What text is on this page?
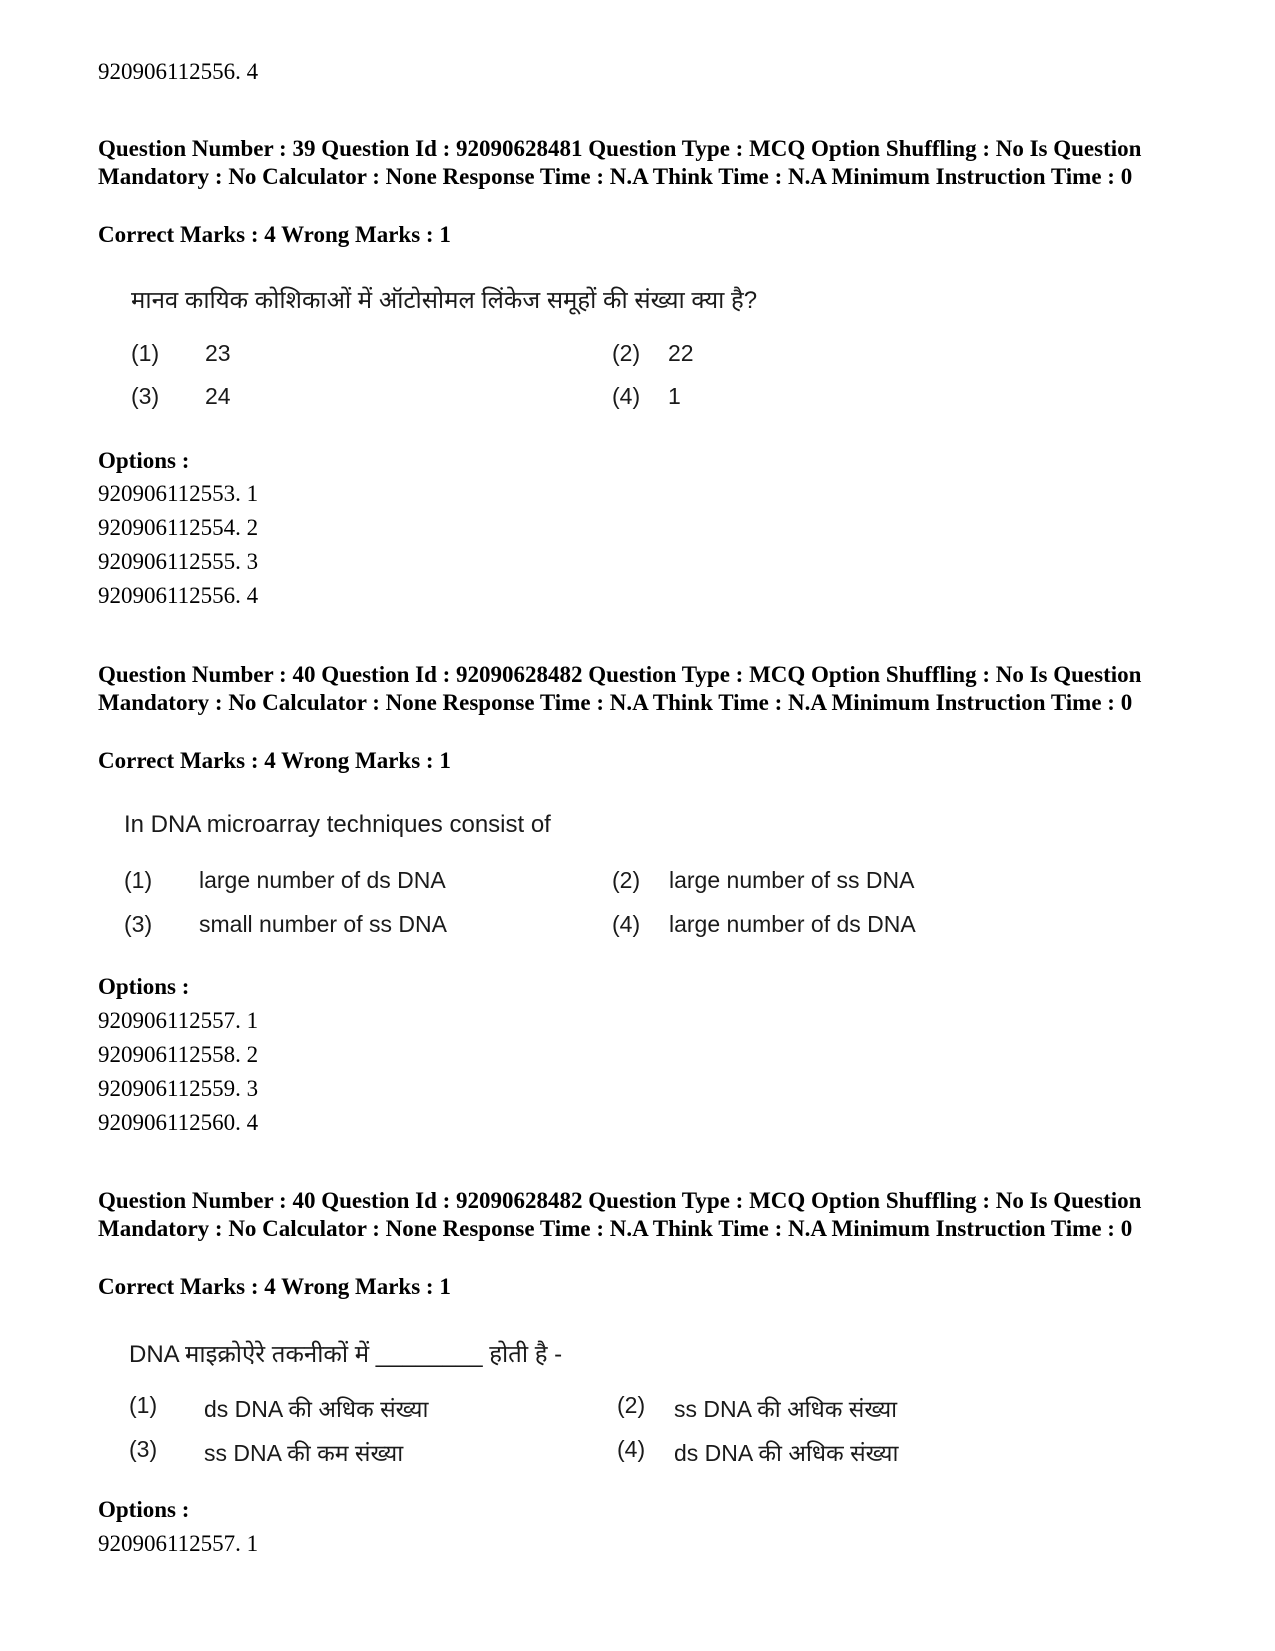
920906112556. 4
Question Number : 39 Question Id : 92090628481 Question Type : MCQ Option Shuffling : No Is Question Mandatory : No Calculator : None Response Time : N.A Think Time : N.A Minimum Instruction Time : 0
Correct Marks : 4 Wrong Marks : 1
मानव कायिक कोशिकाओं में ऑटोसोमल लिंकेज समूहों की संख्या क्या है?
(1) 23	(2) 22
(3) 24	(4) 1
Options :
920906112553. 1
920906112554. 2
920906112555. 3
920906112556. 4
Question Number : 40 Question Id : 92090628482 Question Type : MCQ Option Shuffling : No Is Question Mandatory : No Calculator : None Response Time : N.A Think Time : N.A Minimum Instruction Time : 0
Correct Marks : 4 Wrong Marks : 1
In DNA microarray techniques consist of
(1) large number of ds DNA	(2) large number of ss DNA
(3) small number of ss DNA	(4) large number of ds DNA
Options :
920906112557. 1
920906112558. 2
920906112559. 3
920906112560. 4
Question Number : 40 Question Id : 92090628482 Question Type : MCQ Option Shuffling : No Is Question Mandatory : No Calculator : None Response Time : N.A Think Time : N.A Minimum Instruction Time : 0
Correct Marks : 4 Wrong Marks : 1
DNA माइक्रोऐरे तकनीकों में ________ होती है -
(1) ds DNA की अधिक संख्या	(2) ss DNA की अधिक संख्या
(3) ss DNA की कम संख्या	(4) ds DNA की अधिक संख्या
Options :
920906112557. 1
